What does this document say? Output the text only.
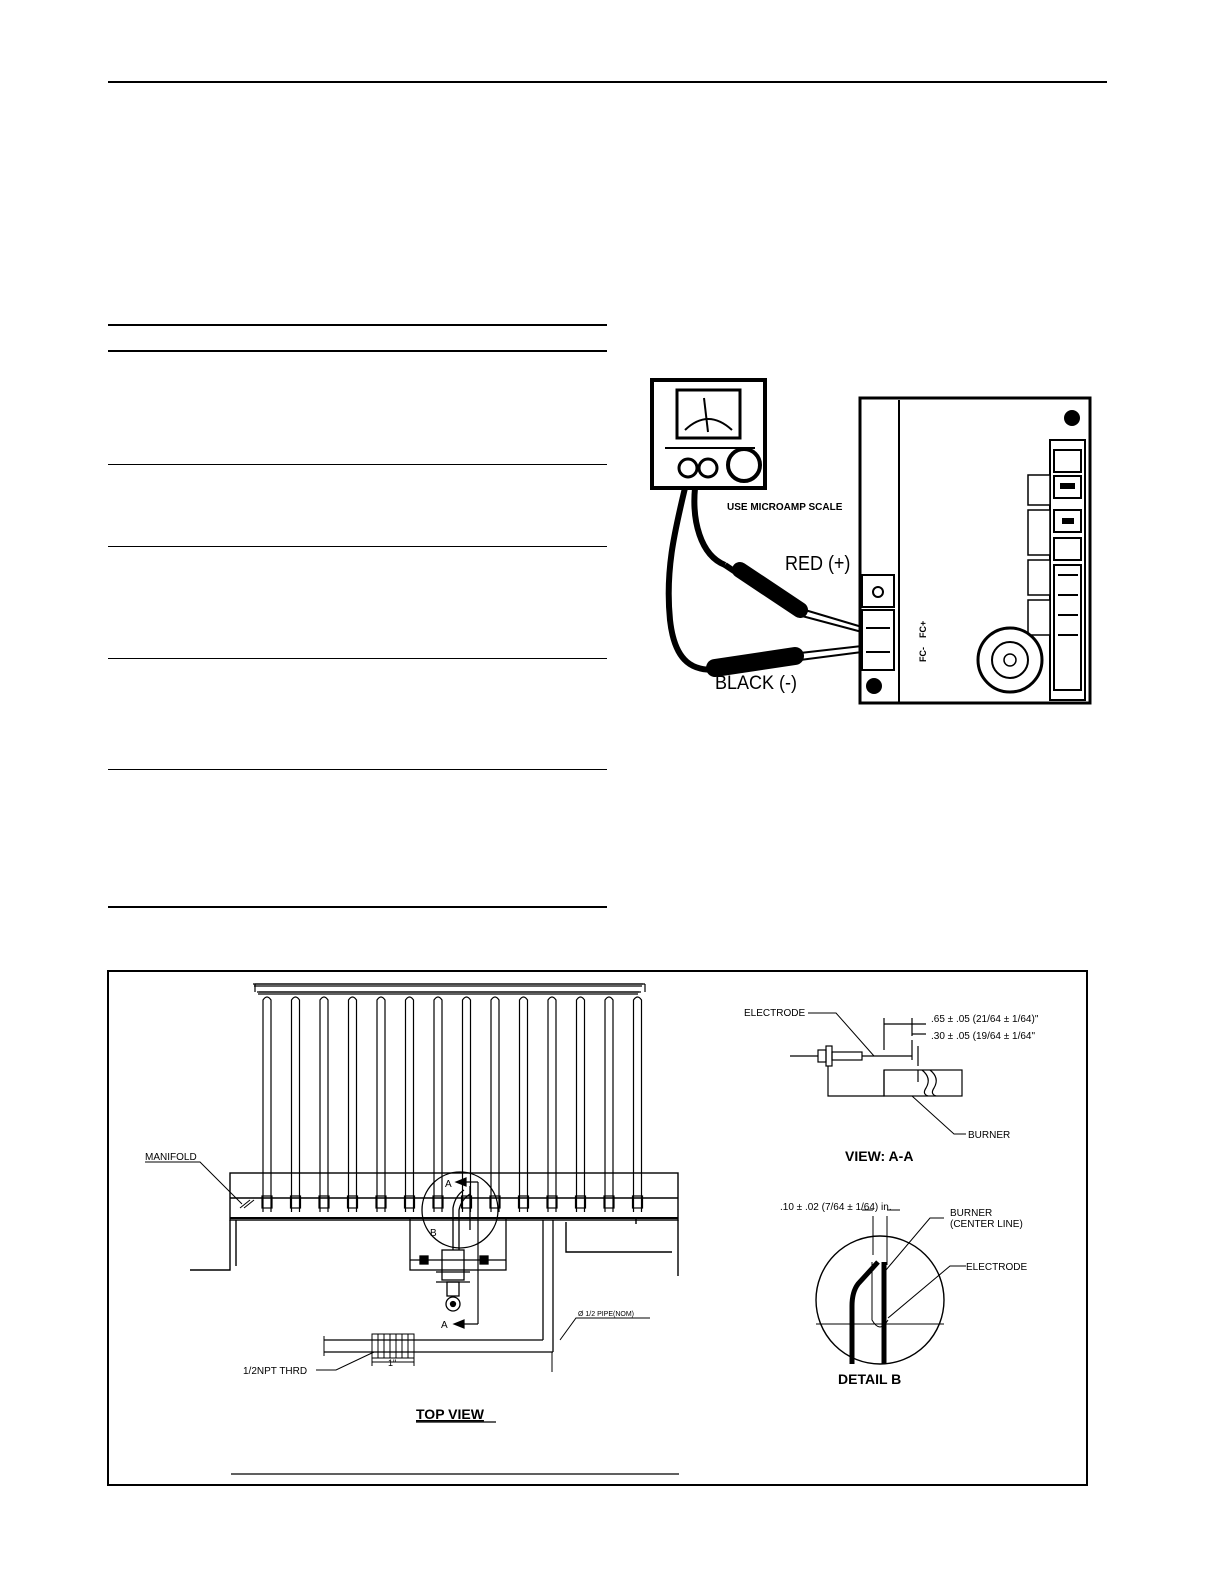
USE MICROAMP SCALE
RED (+)
BLACK (-)
FC+
FC-
MANIFOLD
1"
1/2NPT THRD
Ø 1/2 PIPE(NOM)
A
A
B
TOP VIEW
ELECTRODE
.65 ± .05 (21/64 ± 1/64)"
.30 ± .05 (19/64 ± 1/64"
BURNER
VIEW: A-A
.10 ± .02 (7/64 ± 1/64) in.
BURNER
(CENTER LINE)
ELECTRODE
DETAIL B
